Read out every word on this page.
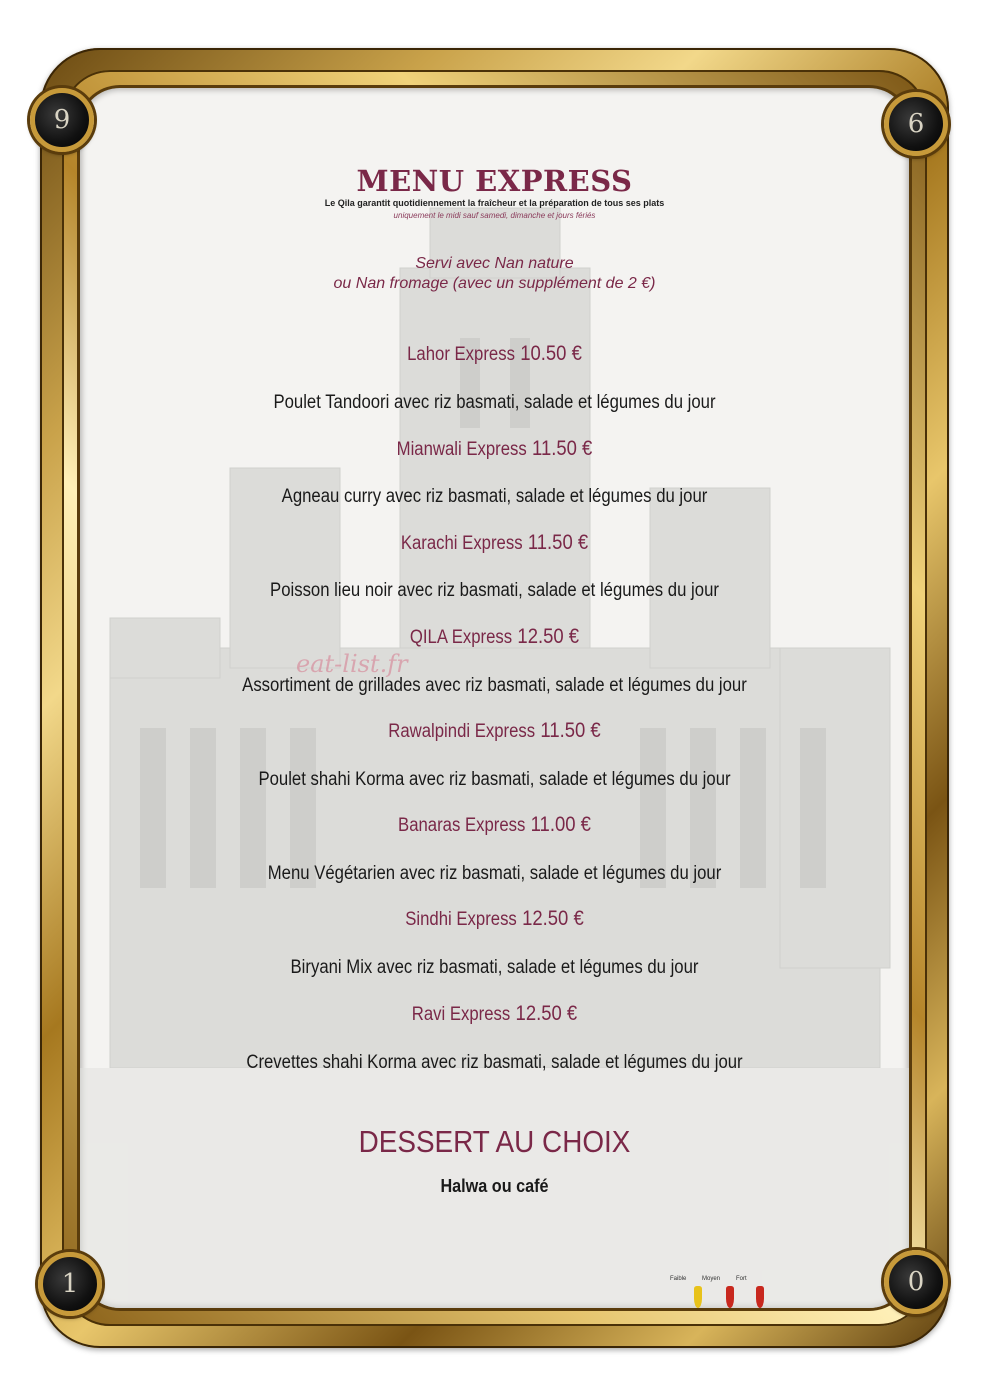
9	6
1	0
MENU EXPRESS
Le Qila garantit quotidiennement la fraîcheur et la préparation de tous ses plats
uniquement le midi sauf samedi, dimanche et jours fériés
Servi avec Nan nature
ou Nan fromage (avec un supplément de 2 €)
Lahor Express 10.50 €
Poulet Tandoori avec riz basmati, salade et légumes du jour
Mianwali Express 11.50 €
Agneau curry avec riz basmati, salade et légumes du jour
Karachi Express 11.50 €
Poisson lieu noir avec riz basmati, salade et légumes du jour
QILA Express 12.50 €
Assortiment de grillades avec riz basmati, salade et légumes du jour
Rawalpindi Express 11.50 €
Poulet shahi Korma avec riz basmati, salade et légumes du jour
Banaras Express 11.00 €
Menu Végétarien avec riz basmati, salade et légumes du jour
Sindhi Express 12.50 €
Biryani Mix avec riz basmati, salade et légumes du jour
Ravi Express 12.50 €
Crevettes shahi Korma avec riz basmati, salade et légumes du jour
eat-list.fr
DESSERT AU CHOIX
Halwa ou café
Faible	Moyen	Fort
